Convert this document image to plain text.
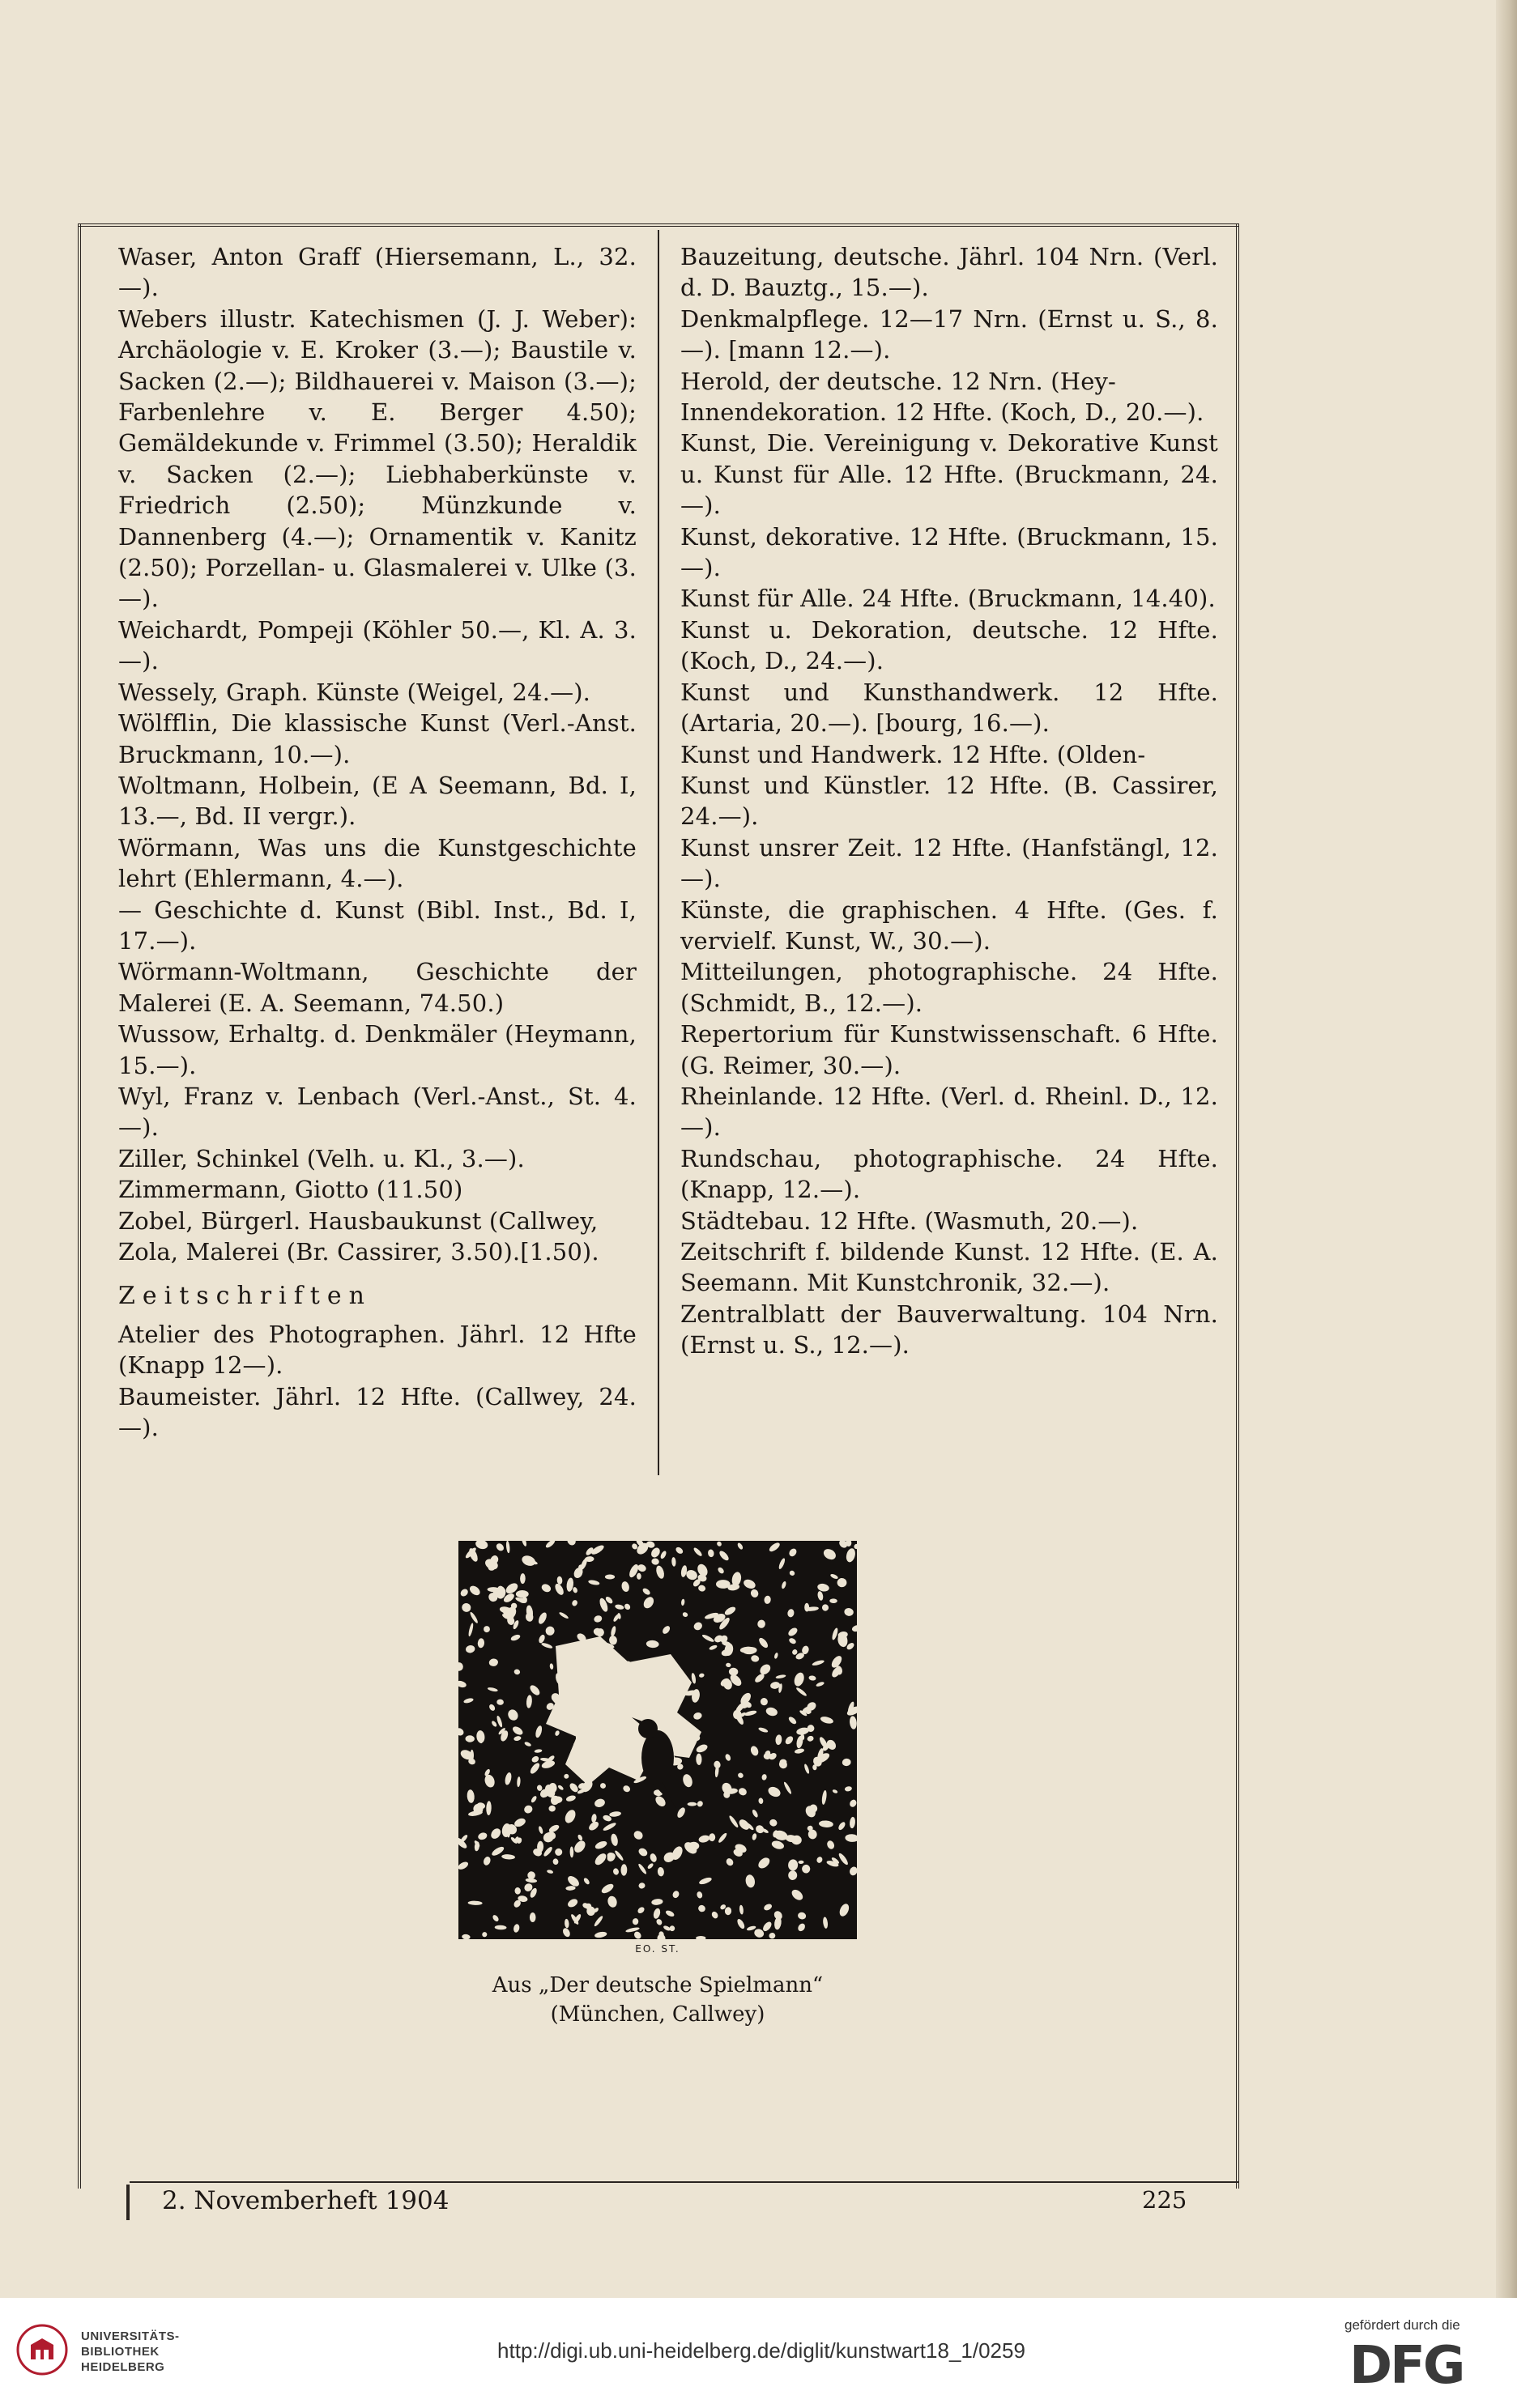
Waser, Anton Graff (Hiersemann, L., 32.—).
Webers illustr. Katechismen (J. J. Weber): Archäologie v. E. Kroker (3.—); Baustile v. Sacken (2.—); Bildhauerei v. Maison (3.—); Farbenlehre v. E. Berger 4.50); Gemäldekunde v. Frimmel (3.50); Heraldik v. Sacken (2.—); Liebhaberkünste v. Friedrich (2.50); Münzkunde v. Dannenberg (4.—); Ornamentik v. Kanitz (2.50); Porzellan- u. Glasmalerei v. Ulke (3.—).
Weichardt, Pompeji (Köhler 50.—, Kl. A. 3.—).
Wessely, Graph. Künste (Weigel, 24.—).
Wölfflin, Die klassische Kunst (Verl.-Anst. Bruckmann, 10.—).
Woltmann, Holbein, (E A Seemann, Bd. I, 13.—, Bd. II vergr.).
Wörmann, Was uns die Kunstgeschichte lehrt (Ehlermann, 4.—).
— Geschichte d. Kunst (Bibl. Inst., Bd. I, 17.—).
Wörmann-Woltmann, Geschichte der Malerei (E. A. Seemann, 74.50.)
Wussow, Erhaltg. d. Denkmäler (Heymann, 15.—).
Wyl, Franz v. Lenbach (Verl.-Anst., St. 4.—).
Ziller, Schinkel (Velh. u. Kl., 3.—).
Zimmermann, Giotto (11.50)
Zobel, Bürgerl. Hausbaukunst (Callwey,
Zola, Malerei (Br. Cassirer, 3.50).[1.50).
Zeitschriften
Atelier des Photographen. Jährl. 12 Hfte (Knapp 12—).
Baumeister. Jährl. 12 Hfte. (Callwey, 24.—).
Bauzeitung, deutsche. Jährl. 104 Nrn. (Verl. d. D. Bauztg., 15.—).
Denkmalpflege. 12—17 Nrn. (Ernst u. S., 8.—). [mann 12.—).
Herold, der deutsche. 12 Nrn. (Hey-
Innendekoration. 12 Hfte. (Koch, D., 20.—).
Kunst, Die. Vereinigung v. Dekorative Kunst u. Kunst für Alle. 12 Hfte. (Bruckmann, 24.—).
Kunst, dekorative. 12 Hfte. (Bruckmann, 15.—).
Kunst für Alle. 24 Hfte. (Bruckmann, 14.40).
Kunst u. Dekoration, deutsche. 12 Hfte. (Koch, D., 24.—).
Kunst und Kunsthandwerk. 12 Hfte. (Artaria, 20.—). [bourg, 16.—).
Kunst und Handwerk. 12 Hfte. (Olden-
Kunst und Künstler. 12 Hfte. (B. Cassirer, 24.—).
Kunst unsrer Zeit. 12 Hfte. (Hanfstängl, 12.—).
Künste, die graphischen. 4 Hfte. (Ges. f. vervielf. Kunst, W., 30.—).
Mitteilungen, photographische. 24 Hfte. (Schmidt, B., 12.—).
Repertorium für Kunstwissenschaft. 6 Hfte. (G. Reimer, 30.—).
Rheinlande. 12 Hfte. (Verl. d. Rheinl. D., 12.—).
Rundschau, photographische. 24 Hfte. (Knapp, 12.—).
Städtebau. 12 Hfte. (Wasmuth, 20.—).
Zeitschrift f. bildende Kunst. 12 Hfte. (E. A. Seemann. Mit Kunstchronik, 32.—).
Zentralblatt der Bauverwaltung. 104 Nrn. (Ernst u. S., 12.—).
EO. ST.
Aus „Der deutsche Spielmann“
(München, Callwey)
2. Novemberheft 1904	225
UNIVERSITÄTS-
BIBLIOTHEK
HEIDELBERG
http://digi.ub.uni-heidelberg.de/diglit/kunstwart18_1/0259
gefördert durch die
DFG
